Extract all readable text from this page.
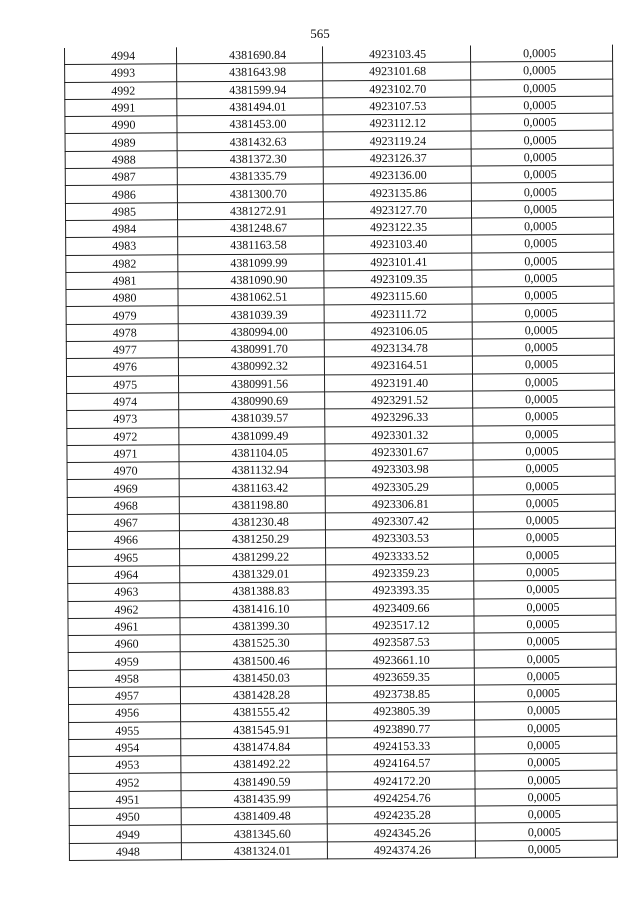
565
4994	4381690.84	4923103.45	0,0005
4993	4381643.98	4923101.68	0,0005
4992	4381599.94	4923102.70	0,0005
4991	4381494.01	4923107.53	0,0005
4990	4381453.00	4923112.12	0,0005
4989	4381432.63	4923119.24	0,0005
4988	4381372.30	4923126.37	0,0005
4987	4381335.79	4923136.00	0,0005
4986	4381300.70	4923135.86	0,0005
4985	4381272.91	4923127.70	0,0005
4984	4381248.67	4923122.35	0,0005
4983	4381163.58	4923103.40	0,0005
4982	4381099.99	4923101.41	0,0005
4981	4381090.90	4923109.35	0,0005
4980	4381062.51	4923115.60	0,0005
4979	4381039.39	4923111.72	0,0005
4978	4380994.00	4923106.05	0,0005
4977	4380991.70	4923134.78	0,0005
4976	4380992.32	4923164.51	0,0005
4975	4380991.56	4923191.40	0,0005
4974	4380990.69	4923291.52	0,0005
4973	4381039.57	4923296.33	0,0005
4972	4381099.49	4923301.32	0,0005
4971	4381104.05	4923301.67	0,0005
4970	4381132.94	4923303.98	0,0005
4969	4381163.42	4923305.29	0,0005
4968	4381198.80	4923306.81	0,0005
4967	4381230.48	4923307.42	0,0005
4966	4381250.29	4923303.53	0,0005
4965	4381299.22	4923333.52	0,0005
4964	4381329.01	4923359.23	0,0005
4963	4381388.83	4923393.35	0,0005
4962	4381416.10	4923409.66	0,0005
4961	4381399.30	4923517.12	0,0005
4960	4381525.30	4923587.53	0,0005
4959	4381500.46	4923661.10	0,0005
4958	4381450.03	4923659.35	0,0005
4957	4381428.28	4923738.85	0,0005
4956	4381555.42	4923805.39	0,0005
4955	4381545.91	4923890.77	0,0005
4954	4381474.84	4924153.33	0,0005
4953	4381492.22	4924164.57	0,0005
4952	4381490.59	4924172.20	0,0005
4951	4381435.99	4924254.76	0,0005
4950	4381409.48	4924235.28	0,0005
4949	4381345.60	4924345.26	0,0005
4948	4381324.01	4924374.26	0,0005
